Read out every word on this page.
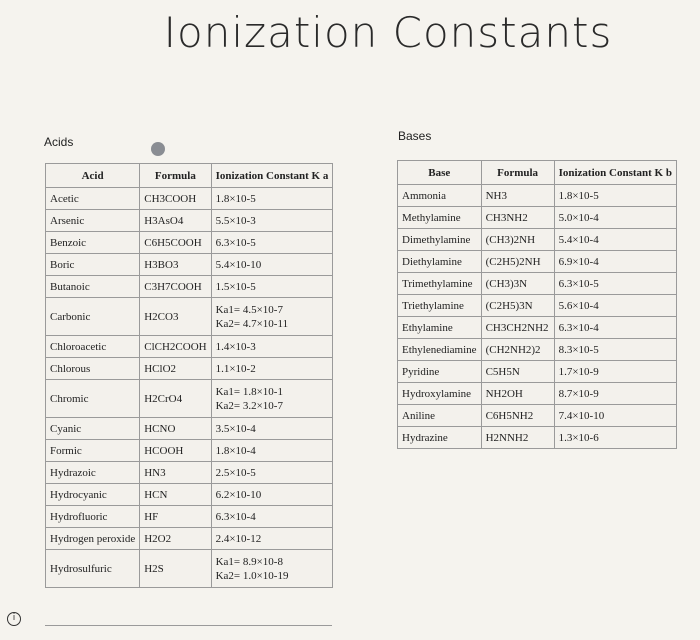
Ionization Constants
Acids	Bases
Acid	Formula	Ionization Constant K a
Acetic	CH3COOH	1.8×10-5
Arsenic	H3AsO4	5.5×10-3
Benzoic	C6H5COOH	6.3×10-5
Boric	H3BO3	5.4×10-10
Butanoic	C3H7COOH	1.5×10-5
Carbonic	H2CO3	Ka1= 4.5×10-7
Ka2= 4.7×10-11

Chloroacetic	ClCH2COOH	1.4×10-3
Chlorous	HClO2	1.1×10-2
Chromic	H2CrO4	Ka1= 1.8×10-1
Ka2= 3.2×10-7

Cyanic	HCNO	3.5×10-4
Formic	HCOOH	1.8×10-4
Hydrazoic	HN3	2.5×10-5
Hydrocyanic	HCN	6.2×10-10
Hydrofluoric	HF	6.3×10-4
Hydrogen peroxide	H2O2	2.4×10-12
Hydrosulfuric	H2S	Ka1= 8.9×10-8
Ka2= 1.0×10-19
Base	Formula	Ionization Constant K b
Ammonia	NH3	1.8×10-5
Methylamine	CH3NH2	5.0×10-4
Dimethylamine	(CH3)2NH	5.4×10-4
Diethylamine	(C2H5)2NH	6.9×10-4
Trimethylamine	(CH3)3N	6.3×10-5
Triethylamine	(C2H5)3N	5.6×10-4
Ethylamine	CH3CH2NH2	6.3×10-4
Ethylenediamine	(CH2NH2)2	8.3×10-5
Pyridine	C5H5N	1.7×10-9
Hydroxylamine	NH2OH	8.7×10-9
Aniline	C6H5NH2	7.4×10-10
Hydrazine	H2NNH2	1.3×10-6
i
